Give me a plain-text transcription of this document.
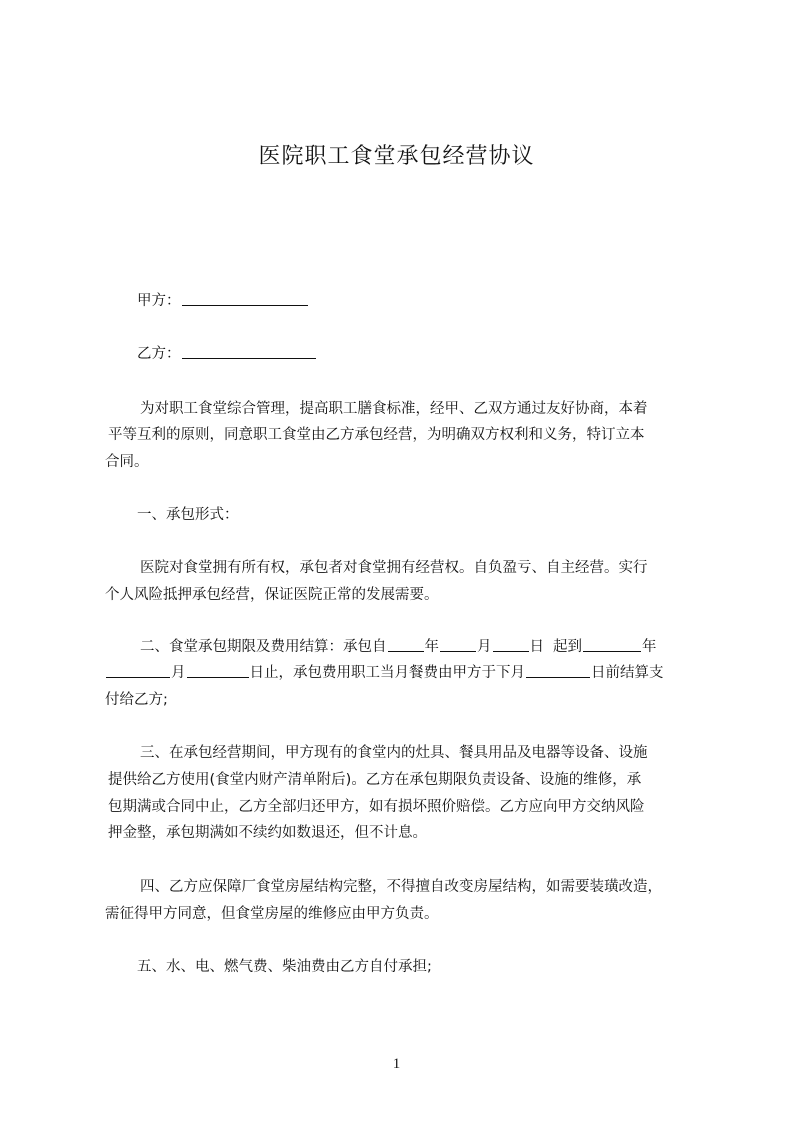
医院职工食堂承包经营协议
甲方：
乙方：
为对职工食堂综合管理，提高职工膳食标准，经甲、乙双方通过友好协商，本着
平等互利的原则，同意职工食堂由乙方承包经营，为明确双方权利和义务，特订立本
合同。
一、承包形式：
医院对食堂拥有所有权，承包者对食堂拥有经营权。自负盈亏、自主经营。实行
个人风险抵押承包经营，保证医院正常的发展需要。
二、食堂承包期限及费用结算：承包自	年	月	日 起到	年
月	日止，承包费用职工当月餐费由甲方于下月	日前结算支
付给乙方;
三、在承包经营期间，甲方现有的食堂内的灶具、餐具用品及电器等设备、设施
提供给乙方使用(食堂内财产清单附后)。乙方在承包期限负责设备、设施的维修，承
包期满或合同中止，乙方全部归还甲方，如有损坏照价赔偿。乙方应向甲方交纳风险
押金整，承包期满如不续约如数退还，但不计息。
四、乙方应保障厂食堂房屋结构完整，不得擅自改变房屋结构，如需要装璜改造，
需征得甲方同意，但食堂房屋的维修应由甲方负责。
五、水、电、燃气费、柴油费由乙方自付承担;
1
